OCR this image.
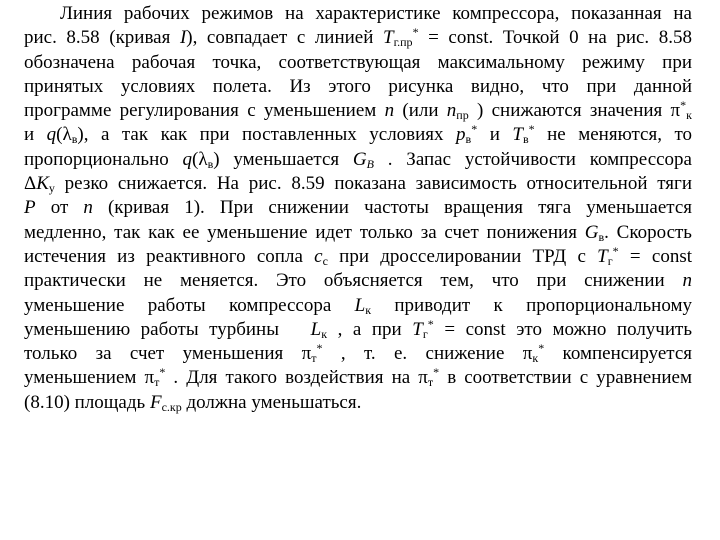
Линия рабочих режимов на характеристике компрессора, показанная на
рис. 8.58 (кривая I), совпадает с линией $T_{г.пр}^*$ = const. Точкой 0 на рис. 8.58
обозначена рабочая точка, соответствующая максимальному режиму при
принятых условиях полета. Из этого рисунка видно, что при данной
программе регулирования с уменьшением n (или $n_{пр}$ ) снижаются значения $\pi^*_к$
и $q(\lambda_в)$, а так как при поставленных условиях $p_в^*$ и $T_в^*$ не меняются, то
пропорционально $q(\lambda_в)$ уменьшается $G_B$ . Запас устойчивости компрессора
$\Delta K_у$ резко снижается. На рис. 8.59 показана зависимость относительной тяги
P от n (кривая 1). При снижении частоты вращения тяга уменьшается
медленно, так как ее уменьшение идет только за счет понижения $G_в$. Скорость
истечения из реактивного сопла $c_с$ при дросселировании ТРД с $T_г^*$ = const
практически не меняется. Это объясняется тем, что при снижении n
уменьшение работы компрессора $L_к$ приводит к пропорциональному
уменьшению работы турбины   $L_к$ , а при $T_г^*$ = const это можно получить
только за счет уменьшения $\pi_т^*$ , т. е. снижение $\pi_к^*$ компенсируется
уменьшением $\pi_т^*$ . Для такого воздействия на $\pi_т^*$ в соответствии с уравнением
(8.10) площадь $F_{с.кр}$ должна уменьшаться.
